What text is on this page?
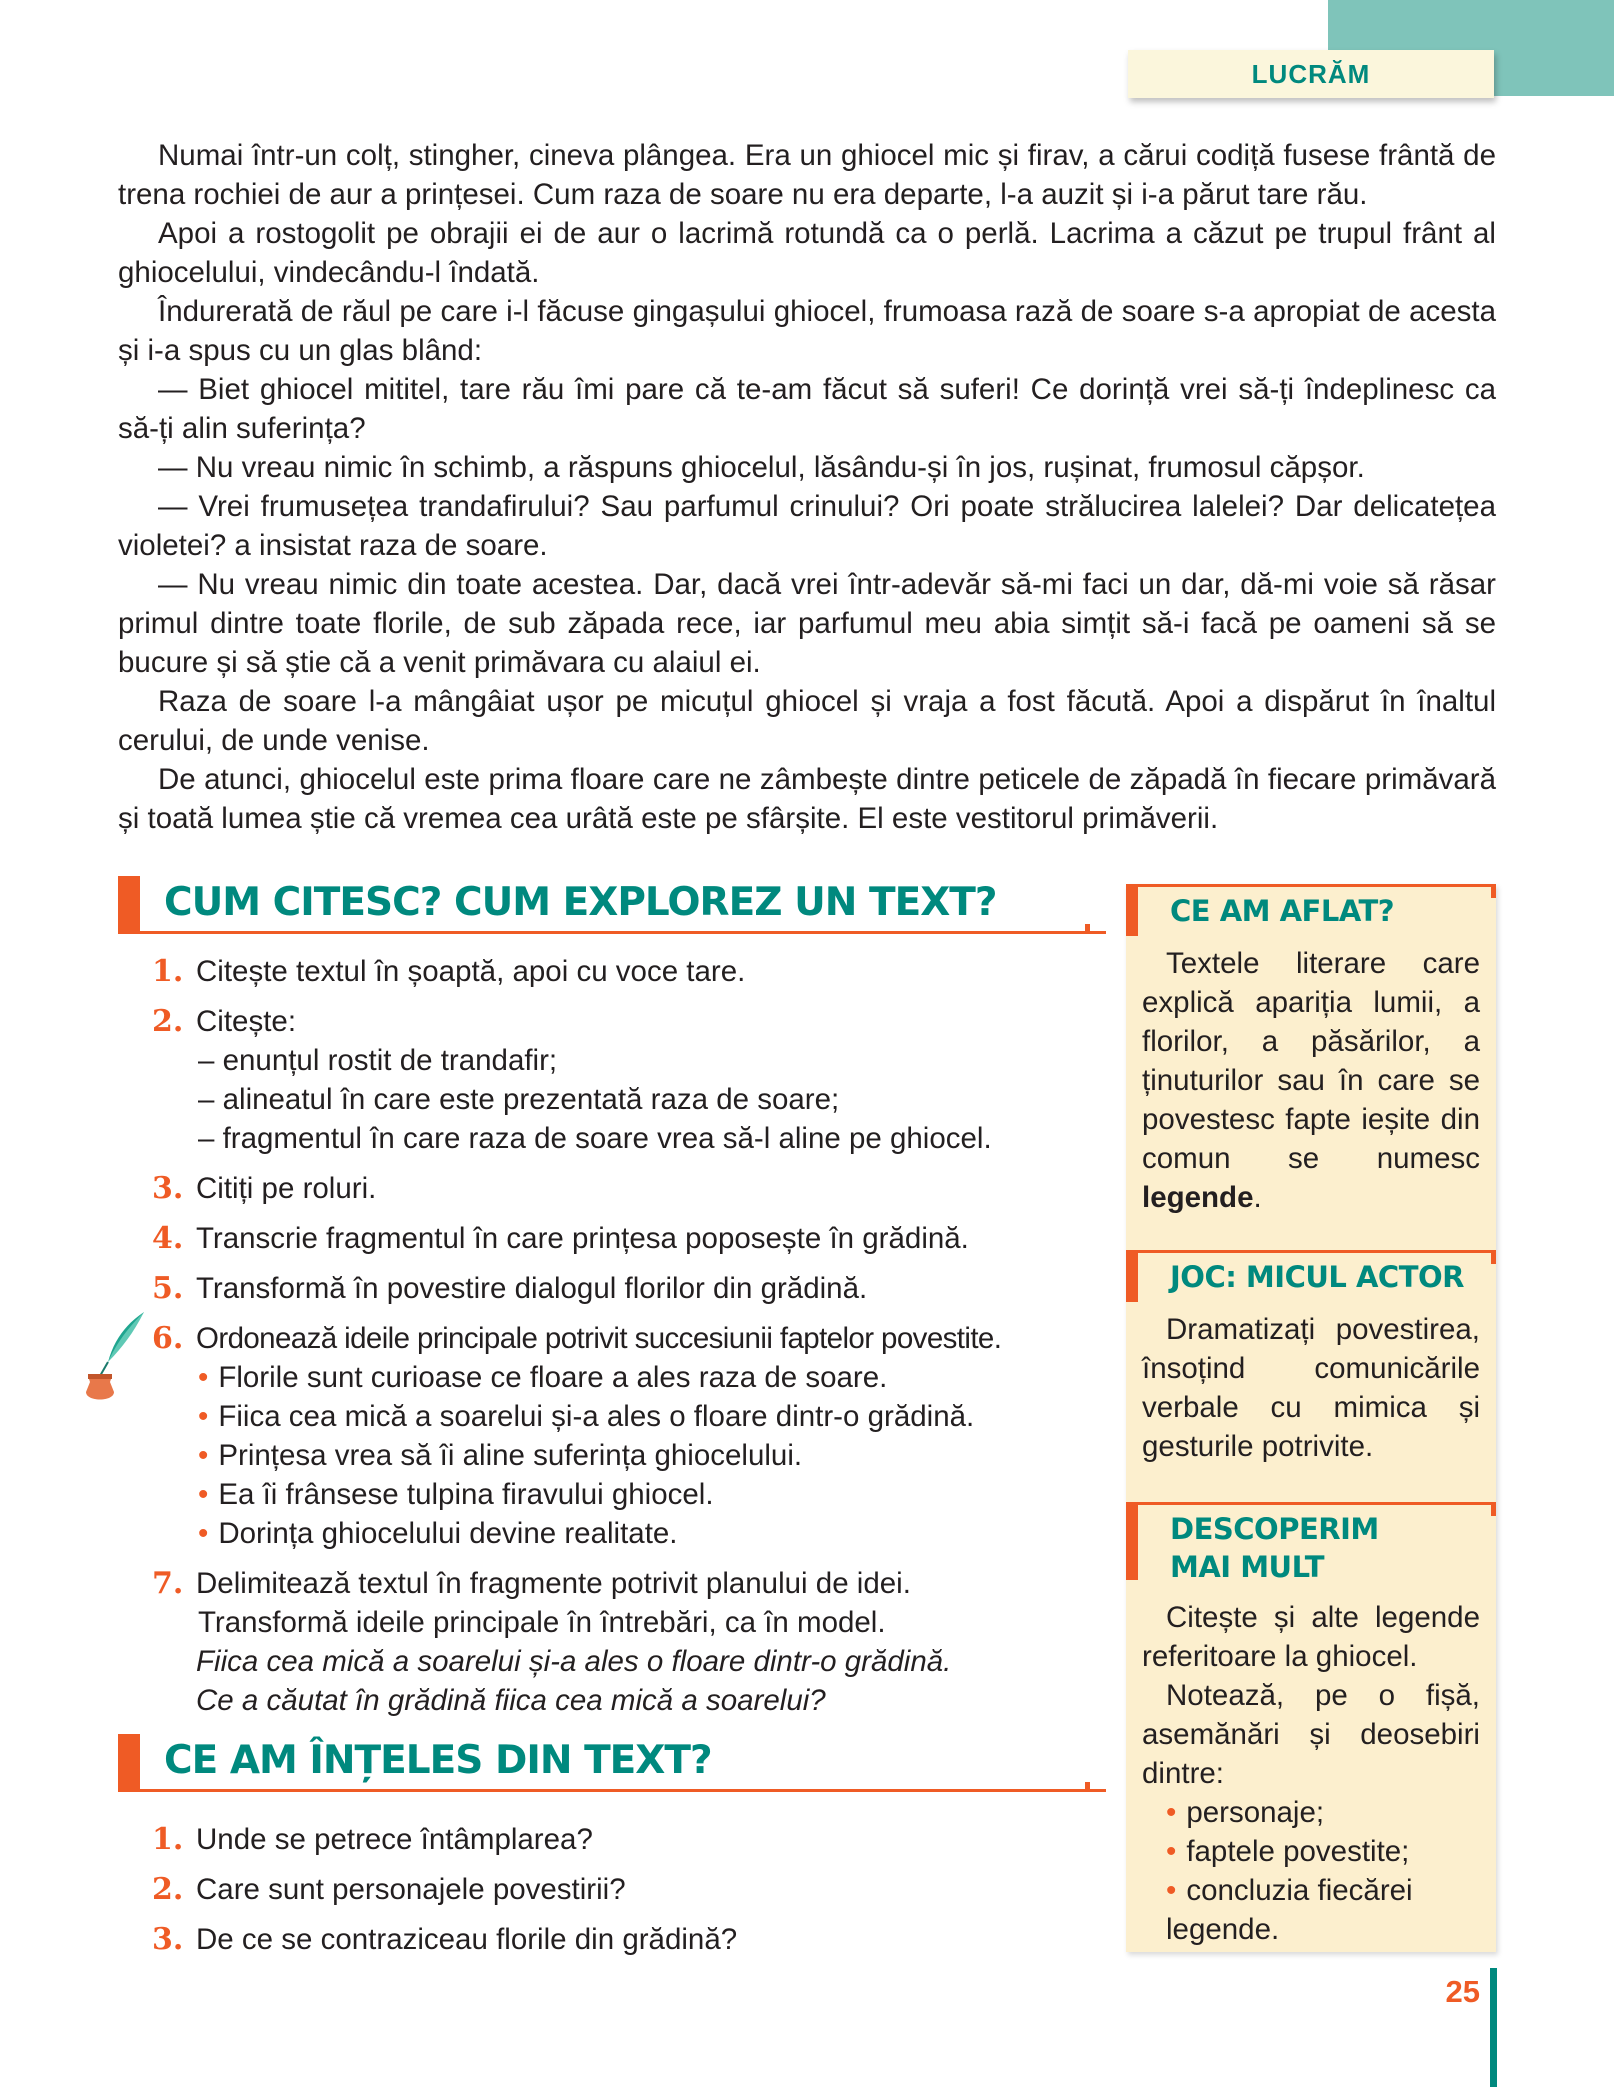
LUCRĂM

Numai într-un colț, stingher, cineva plângea. Era un ghiocel mic și firav, a cărui codiță fusese frântă de trena rochiei de aur a prințesei. Cum raza de soare nu era departe, l-a auzit și i-a părut tare rău.

Apoi a rostogolit pe obrajii ei de aur o lacrimă rotundă ca o perlă. Lacrima a căzut pe trupul frânt al ghiocelului, vindecându-l îndată.

Îndurerată de răul pe care i-l făcuse gingașului ghiocel, frumoasa rază de soare s-a apropiat de acesta și i-a spus cu un glas blând:

— Biet ghiocel mititel, tare rău îmi pare că te-am făcut să suferi! Ce dorință vrei să-ți îndeplinesc ca să-ți alin suferința?

— Nu vreau nimic în schimb, a răspuns ghiocelul, lăsându-și în jos, rușinat, frumosul căpșor.

— Vrei frumusețea trandafirului? Sau parfumul crinului? Ori poate strălucirea lalelei? Dar delicatețea violetei? a insistat raza de soare.

— Nu vreau nimic din toate acestea. Dar, dacă vrei într-adevăr să-mi faci un dar, dă-mi voie să răsar primul dintre toate florile, de sub zăpada rece, iar parfumul meu abia simțit să-i facă pe oameni să se bucure și să știe că a venit primăvara cu alaiul ei.

Raza de soare l-a mângâiat ușor pe micuțul ghiocel și vraja a fost făcută. Apoi a dispărut în înaltul cerului, de unde venise.

De atunci, ghiocelul este prima floare care ne zâmbește dintre peticele de zăpadă în fiecare primăvară și toată lumea știe că vremea cea urâtă este pe sfârșite. El este vestitorul primăverii.

CUM CITESC? CUM EXPLOREZ UN TEXT?
1. Citește textul în șoaptă, apoi cu voce tare.
2. Citește:
– enunțul rostit de trandafir;
– alineatul în care este prezentată raza de soare;
– fragmentul în care raza de soare vrea să-l aline pe ghiocel.
3. Citiți pe roluri.
4. Transcrie fragmentul în care prințesa poposește în grădină.
5. Transformă în povestire dialogul florilor din grădină.
6. Ordonează ideile principale potrivit succesiunii faptelor povestite.
• Florile sunt curioase ce floare a ales raza de soare.
• Fiica cea mică a soarelui și-a ales o floare dintr-o grădină.
• Prințesa vrea să îi aline suferința ghiocelului.
• Ea îi frânsese tulpina firavului ghiocel.
• Dorința ghiocelului devine realitate.
7. Delimitează textul în fragmente potrivit planului de idei.
Transformă ideile principale în întrebări, ca în model.
Fiica cea mică a soarelui și-a ales o floare dintr-o grădină.
Ce a căutat în grădină fiica cea mică a soarelui?
CE AM ÎNȚELES DIN TEXT?
1. Unde se petrece întâmplarea?
2. Care sunt personajele povestirii?
3. De ce se contraziceau florile din grădină?
CE AM AFLAT?

Textele literare care explică apariția lumii, a florilor, a păsărilor, a ținuturilor sau în care se povestesc fapte ieșite din comun se numesc legende.

JOC: MICUL ACTOR

Dramatizați povestirea, însoțind comunicările verbale cu mimica și gesturile potrivite.

DESCOPERIM
MAI MULT

Citește și alte legende referitoare la ghiocel.

Notează, pe o fișă, asemănări și deosebiri dintre:

• personaje;
• faptele povestite;
• concluzia fiecărei legende.
25
